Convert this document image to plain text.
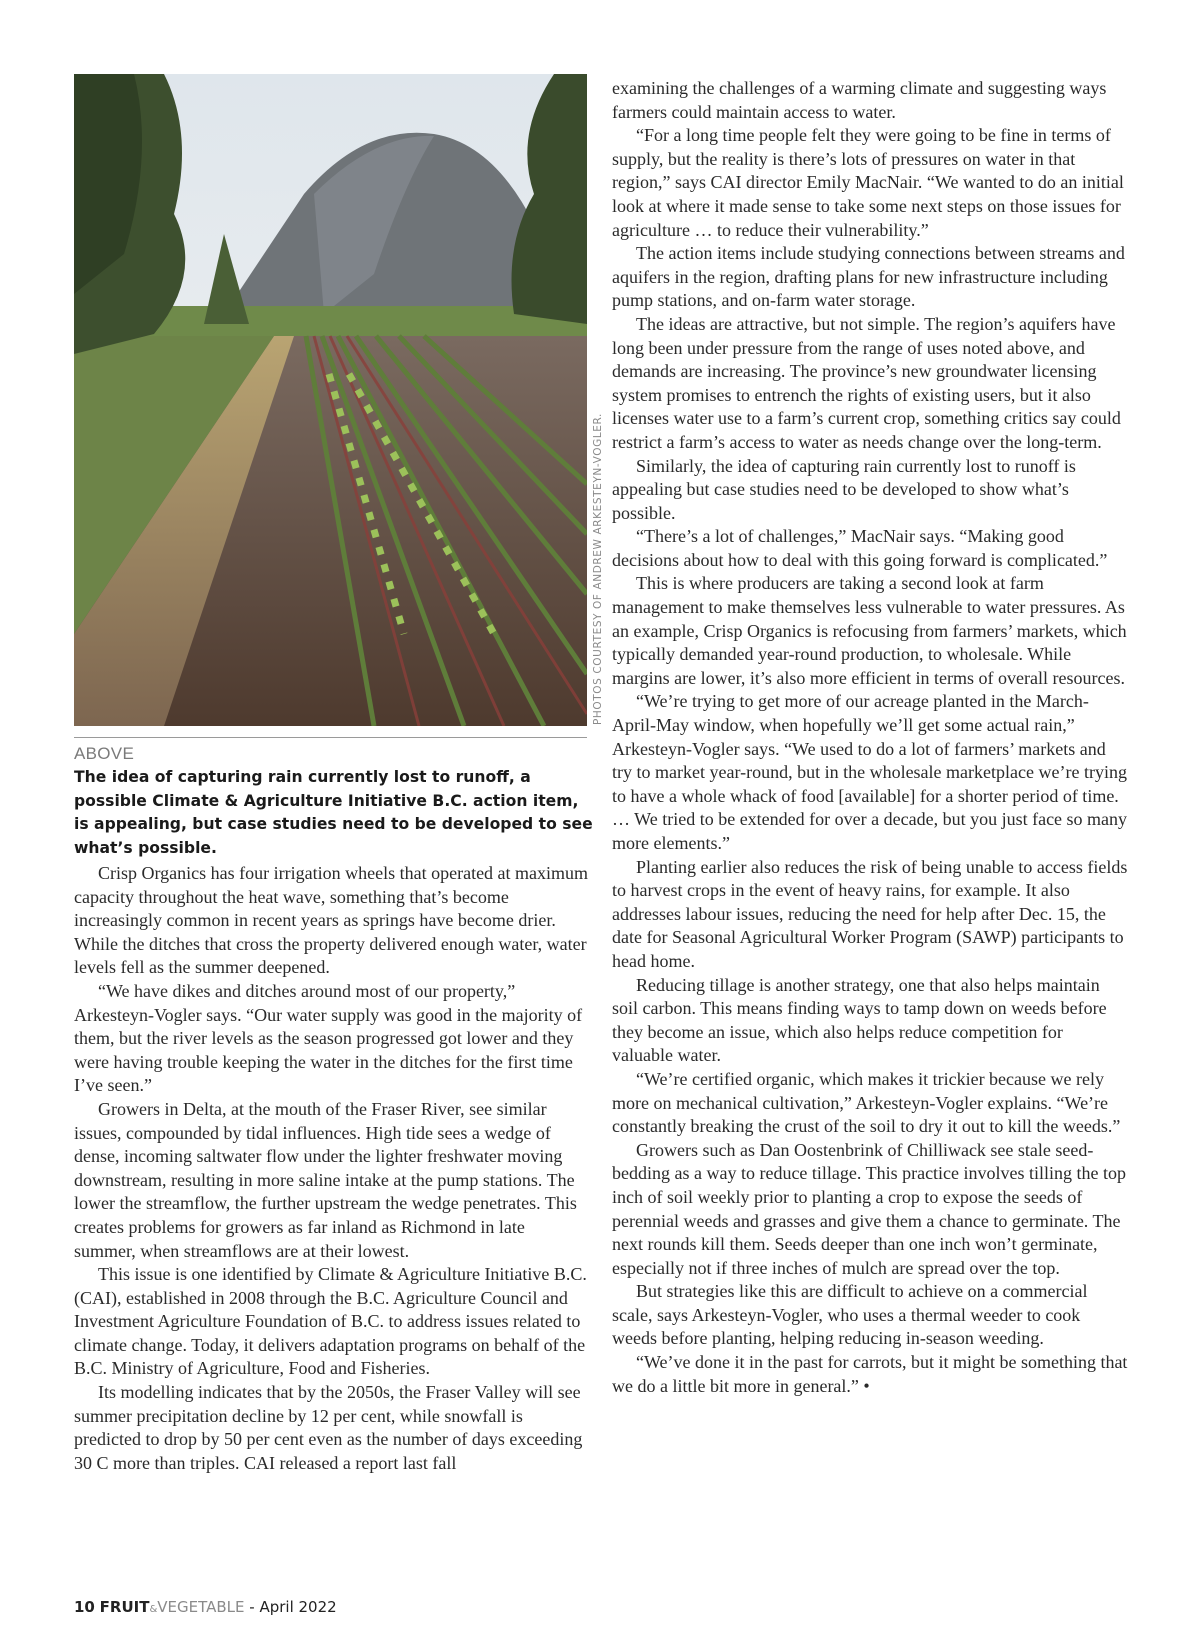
PHOTOS COURTESY OF ANDREW ARKESTEYN-VOGLER.
ABOVE
The idea of capturing rain currently lost to runoff, a possible Climate & Agriculture Initiative B.C. action item, is appealing, but case studies need to be developed to see what’s possible.

Crisp Organics has four irrigation wheels that operated at maximum capacity throughout the heat wave, something that’s become increasingly common in recent years as springs have become drier. While the ditches that cross the property delivered enough water, water levels fell as the summer deepened.

“We have dikes and ditches around most of our property,” Arkesteyn-Vogler says. “Our water supply was good in the majority of them, but the river levels as the season progressed got lower and they were having trouble keeping the water in the ditches for the first time I’ve seen.”

Growers in Delta, at the mouth of the Fraser River, see similar issues, compounded by tidal influences. High tide sees a wedge of dense, incoming saltwater flow under the lighter freshwater moving downstream, resulting in more saline intake at the pump stations. The lower the streamflow, the further upstream the wedge penetrates. This creates problems for growers as far inland as Richmond in late summer, when streamflows are at their lowest.

This issue is one identified by Climate & Agriculture Initiative B.C. (CAI), established in 2008 through the B.C. Agriculture Council and Investment Agriculture Foundation of B.C. to address issues related to climate change. Today, it delivers adaptation programs on behalf of the B.C. Ministry of Agriculture, Food and Fisheries.

Its modelling indicates that by the 2050s, the Fraser Valley will see summer precipitation decline by 12 per cent, while snowfall is predicted to drop by 50 per cent even as the number of days exceeding 30 C more than triples. CAI released a report last fall

examining the challenges of a warming climate and suggesting ways farmers could maintain access to water.

“For a long time people felt they were going to be fine in terms of supply, but the reality is there’s lots of pressures on water in that region,” says CAI director Emily MacNair. “We wanted to do an initial look at where it made sense to take some next steps on those issues for agriculture … to reduce their vulnerability.”

The action items include studying connections between streams and aquifers in the region, drafting plans for new infrastructure including pump stations, and on-farm water storage.

The ideas are attractive, but not simple. The region’s aquifers have long been under pressure from the range of uses noted above, and demands are increasing. The province’s new groundwater licensing system promises to entrench the rights of existing users, but it also licenses water use to a farm’s current crop, something critics say could restrict a farm’s access to water as needs change over the long-term.

Similarly, the idea of capturing rain currently lost to runoff is appealing but case studies need to be developed to show what’s possible.

“There’s a lot of challenges,” MacNair says. “Making good decisions about how to deal with this going forward is complicated.”

This is where producers are taking a second look at farm management to make themselves less vulnerable to water pressures. As an example, Crisp Organics is refocusing from farmers’ markets, which typically demanded year-round production, to wholesale. While margins are lower, it’s also more efficient in terms of overall resources.

“We’re trying to get more of our acreage planted in the March-April-May window, when hopefully we’ll get some actual rain,” Arkesteyn-Vogler says. “We used to do a lot of farmers’ markets and try to market year-round, but in the wholesale marketplace we’re trying to have a whole whack of food [available] for a shorter period of time. … We tried to be extended for over a decade, but you just face so many more elements.”

Planting earlier also reduces the risk of being unable to access fields to harvest crops in the event of heavy rains, for example. It also addresses labour issues, reducing the need for help after Dec. 15, the date for Seasonal Agricultural Worker Program (SAWP) participants to head home.

Reducing tillage is another strategy, one that also helps maintain soil carbon. This means finding ways to tamp down on weeds before they become an issue, which also helps reduce competition for valuable water.

“We’re certified organic, which makes it trickier because we rely more on mechanical cultivation,” Arkesteyn-Vogler explains. “We’re constantly breaking the crust of the soil to dry it out to kill the weeds.”

Growers such as Dan Oostenbrink of Chilliwack see stale seed-bedding as a way to reduce tillage. This practice involves tilling the top inch of soil weekly prior to planting a crop to expose the seeds of perennial weeds and grasses and give them a chance to germinate. The next rounds kill them. Seeds deeper than one inch won’t germinate, especially not if three inches of mulch are spread over the top.

But strategies like this are difficult to achieve on a commercial scale, says Arkesteyn-Vogler, who uses a thermal weeder to cook weeds before planting, helping reducing in-season weeding.

“We’ve done it in the past for carrots, but it might be something that we do a little bit more in general.” •

10 FRUIT&VEGETABLE - April 2022
